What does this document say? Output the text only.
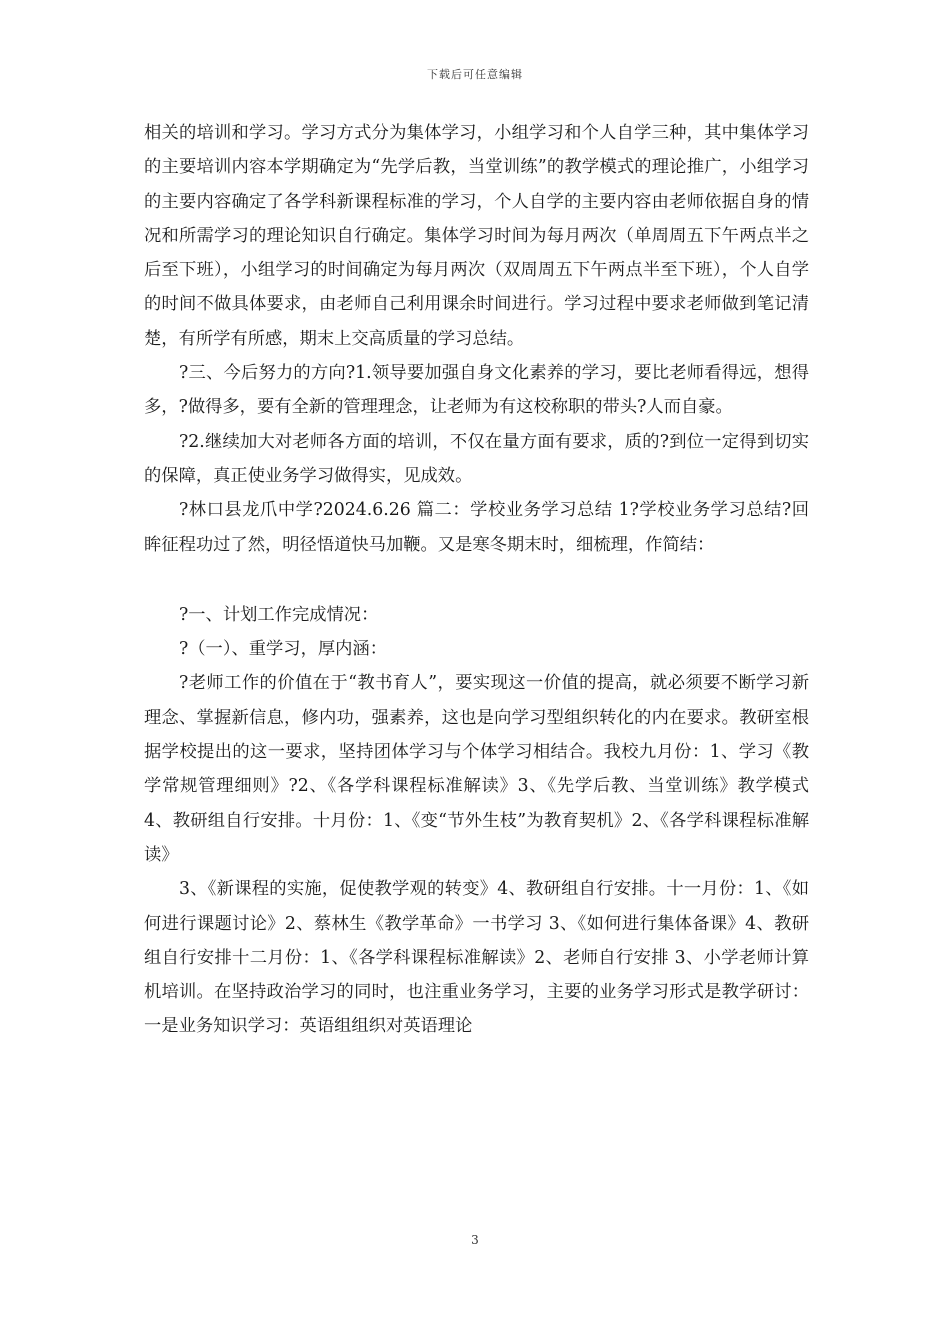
下载后可任意编辑

相关的培训和学习。学习方式分为集体学习，小组学习和个人自学三种，其中集体学习的主要培训内容本学期确定为“先学后教，当堂训练”的教学模式的理论推广，小组学习的主要内容确定了各学科新课程标准的学习，个人自学的主要内容由老师依据自身的情况和所需学习的理论知识自行确定。集体学习时间为每月两次（单周周五下午两点半之后至下班），小组学习的时间确定为每月两次（双周周五下午两点半至下班），个人自学的时间不做具体要求，由老师自己利用课余时间进行。学习过程中要求老师做到笔记清楚，有所学有所感，期末上交高质量的学习总结。

?三、今后努力的方向?1.领导要加强自身文化素养的学习，要比老师看得远，想得多，?做得多，要有全新的管理理念，让老师为有这校称职的带头?人而自豪。

?2.继续加大对老师各方面的培训，不仅在量方面有要求，质的?到位一定得到切实的保障，真正使业务学习做得实，见成效。

?林口县龙爪中学?2024.6.26 篇二：学校业务学习总结 1?学校业务学习总结?回眸征程功过了然，明径悟道快马加鞭。又是寒冬期末时，细梳理，作简结：

?一、计划工作完成情况：

?（一）、重学习，厚内涵：

?老师工作的价值在于“教书育人”，要实现这一价值的提高，就必须要不断学习新理念、掌握新信息，修内功，强素养，这也是向学习型组织转化的内在要求。教研室根据学校提出的这一要求，坚持团体学习与个体学习相结合。我校九月份：1、学习《教学常规管理细则》?2、《各学科课程标准解读》3、《先学后教、当堂训练》教学模式 4、教研组自行安排。十月份：1、《变“节外生枝”为教育契机》2、《各学科课程标准解读》

3、《新课程的实施，促使教学观的转变》4、教研组自行安排。十一月份：1、《如何进行课题讨论》2、蔡林生《教学革命》一书学习 3、《如何进行集体备课》4、教研组自行安排十二月份：1、《各学科课程标准解读》2、老师自行安排 3、小学老师计算机培训。在坚持政治学习的同时，也注重业务学习，主要的业务学习形式是教学研讨：一是业务知识学习：英语组组织对英语理论

3
